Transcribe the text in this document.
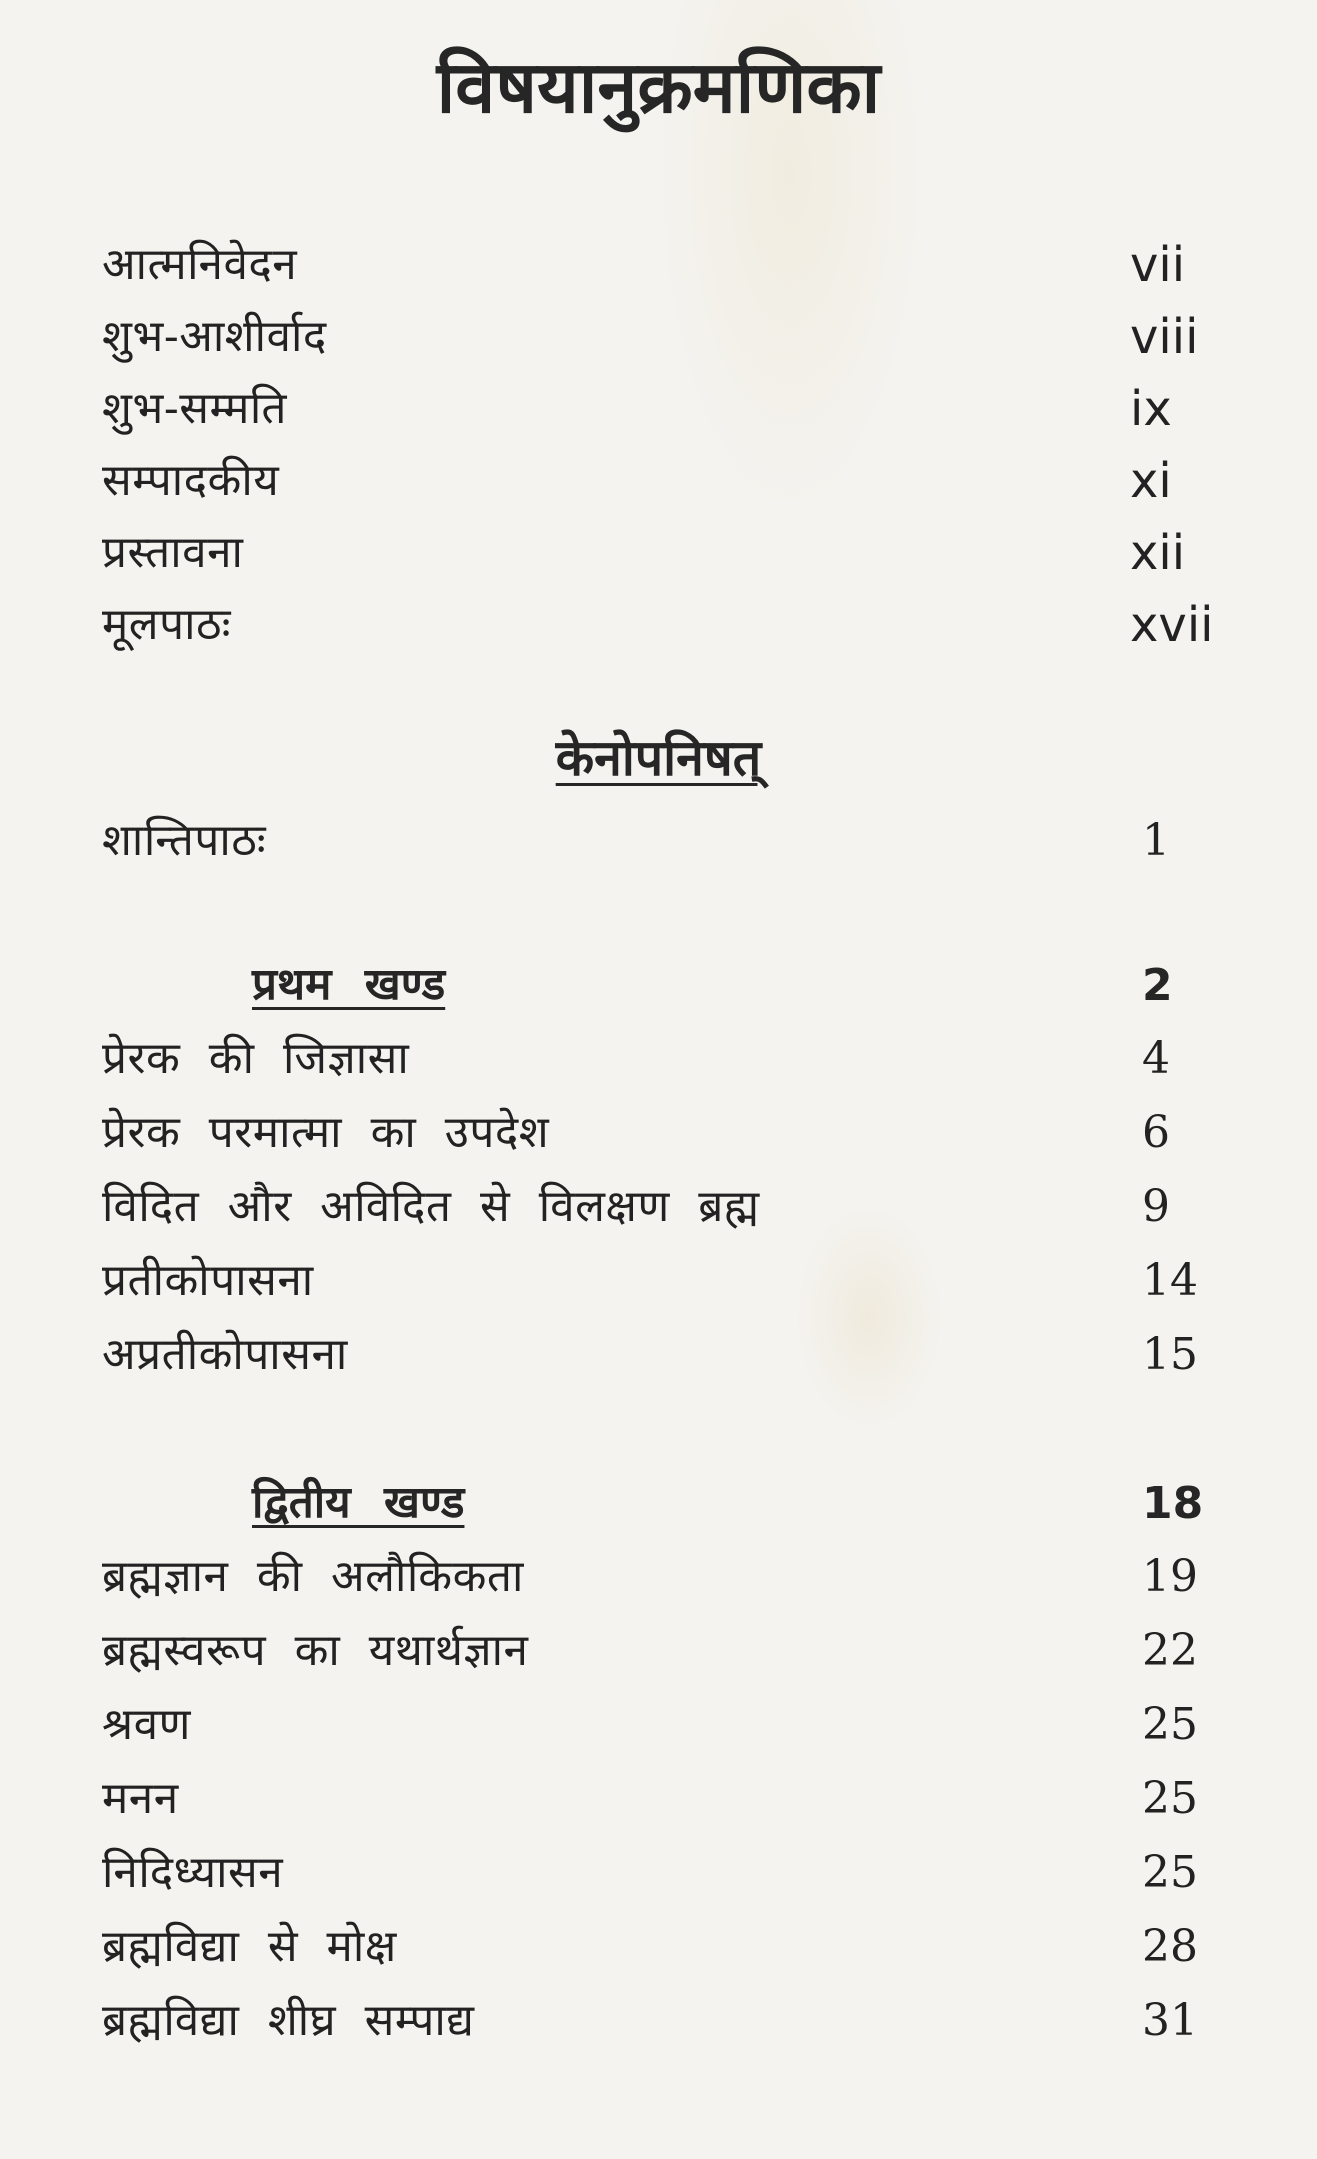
विषयानुक्रमणिका
आत्मनिवेदन	vii
शुभ-आशीर्वाद	viii
शुभ-सम्मति	ix
सम्पादकीय	xi
प्रस्तावना	xii
मूलपाठः	xvii
केनोपनिषत्
शान्तिपाठः	1
प्रथम खण्ड	2
प्रेरक की जिज्ञासा	4
प्रेरक परमात्मा का उपदेश	6
विदित और अविदित से विलक्षण ब्रह्म	9
प्रतीकोपासना	14
अप्रतीकोपासना	15
द्वितीय खण्ड	18
ब्रह्मज्ञान की अलौकिकता	19
ब्रह्मस्वरूप का यथार्थज्ञान	22
श्रवण	25
मनन	25
निदिध्यासन	25
ब्रह्मविद्या से मोक्ष	28
ब्रह्मविद्या शीघ्र सम्पाद्य	31
